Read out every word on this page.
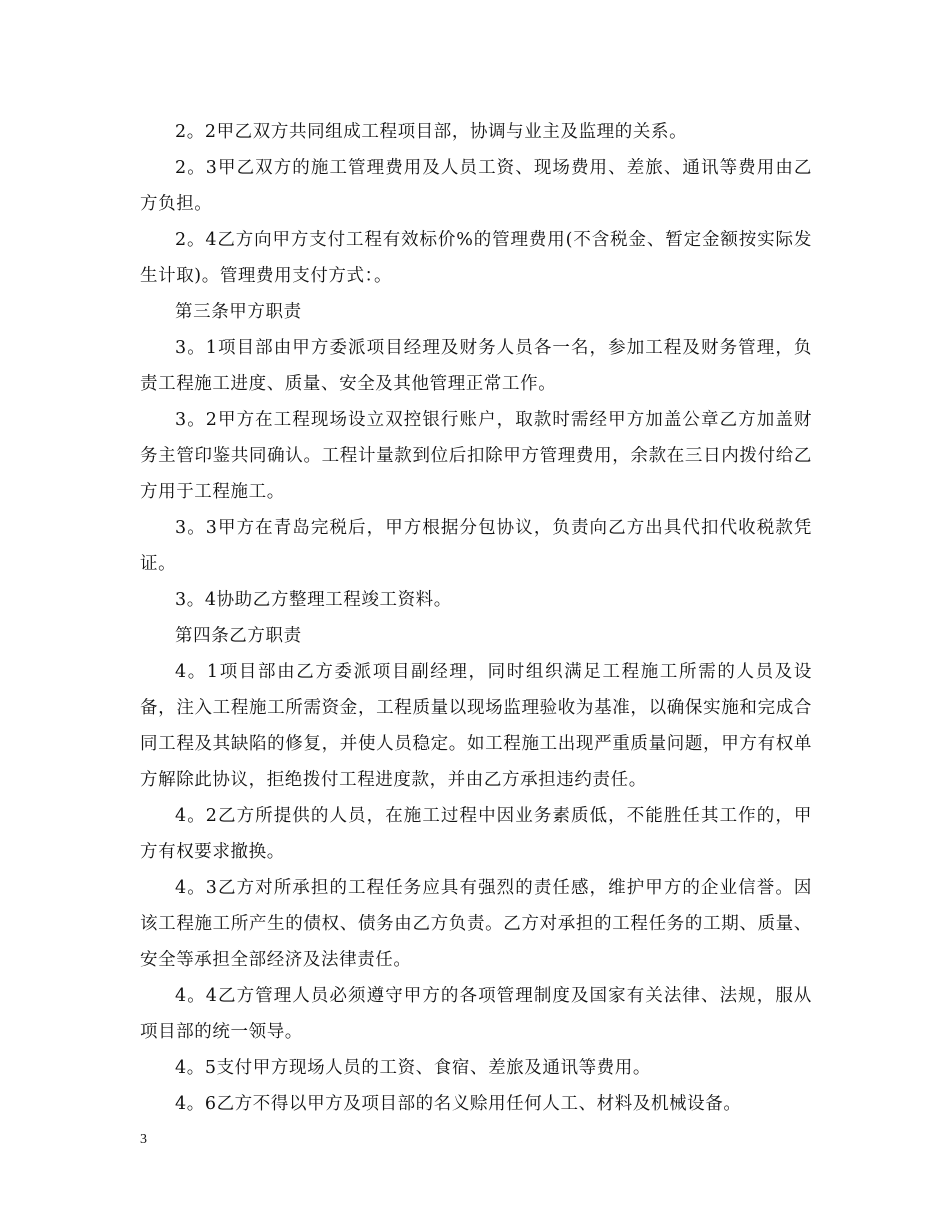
2。2甲乙双方共同组成工程项目部，协调与业主及监理的关系。

2。3甲乙双方的施工管理费用及人员工资、现场费用、差旅、通讯等费用由乙方负担。

2。4乙方向甲方支付工程有效标价%的管理费用(不含税金、暂定金额按实际发生计取)。管理费用支付方式：。

第三条甲方职责

3。1项目部由甲方委派项目经理及财务人员各一名，参加工程及财务管理，负责工程施工进度、质量、安全及其他管理正常工作。

3。2甲方在工程现场设立双控银行账户，取款时需经甲方加盖公章乙方加盖财务主管印鉴共同确认。工程计量款到位后扣除甲方管理费用，余款在三日内拨付给乙方用于工程施工。

3。3甲方在青岛完税后，甲方根据分包协议，负责向乙方出具代扣代收税款凭证。

3。4协助乙方整理工程竣工资料。

第四条乙方职责

4。1项目部由乙方委派项目副经理，同时组织满足工程施工所需的人员及设备，注入工程施工所需资金，工程质量以现场监理验收为基准，以确保实施和完成合同工程及其缺陷的修复，并使人员稳定。如工程施工出现严重质量问题，甲方有权单方解除此协议，拒绝拨付工程进度款，并由乙方承担违约责任。

4。2乙方所提供的人员，在施工过程中因业务素质低，不能胜任其工作的，甲方有权要求撤换。

4。3乙方对所承担的工程任务应具有强烈的责任感，维护甲方的企业信誉。因该工程施工所产生的债权、债务由乙方负责。乙方对承担的工程任务的工期、质量、安全等承担全部经济及法律责任。

4。4乙方管理人员必须遵守甲方的各项管理制度及国家有关法律、法规，服从项目部的统一领导。

4。5支付甲方现场人员的工资、食宿、差旅及通讯等费用。

4。6乙方不得以甲方及项目部的名义赊用任何人工、材料及机械设备。

3
